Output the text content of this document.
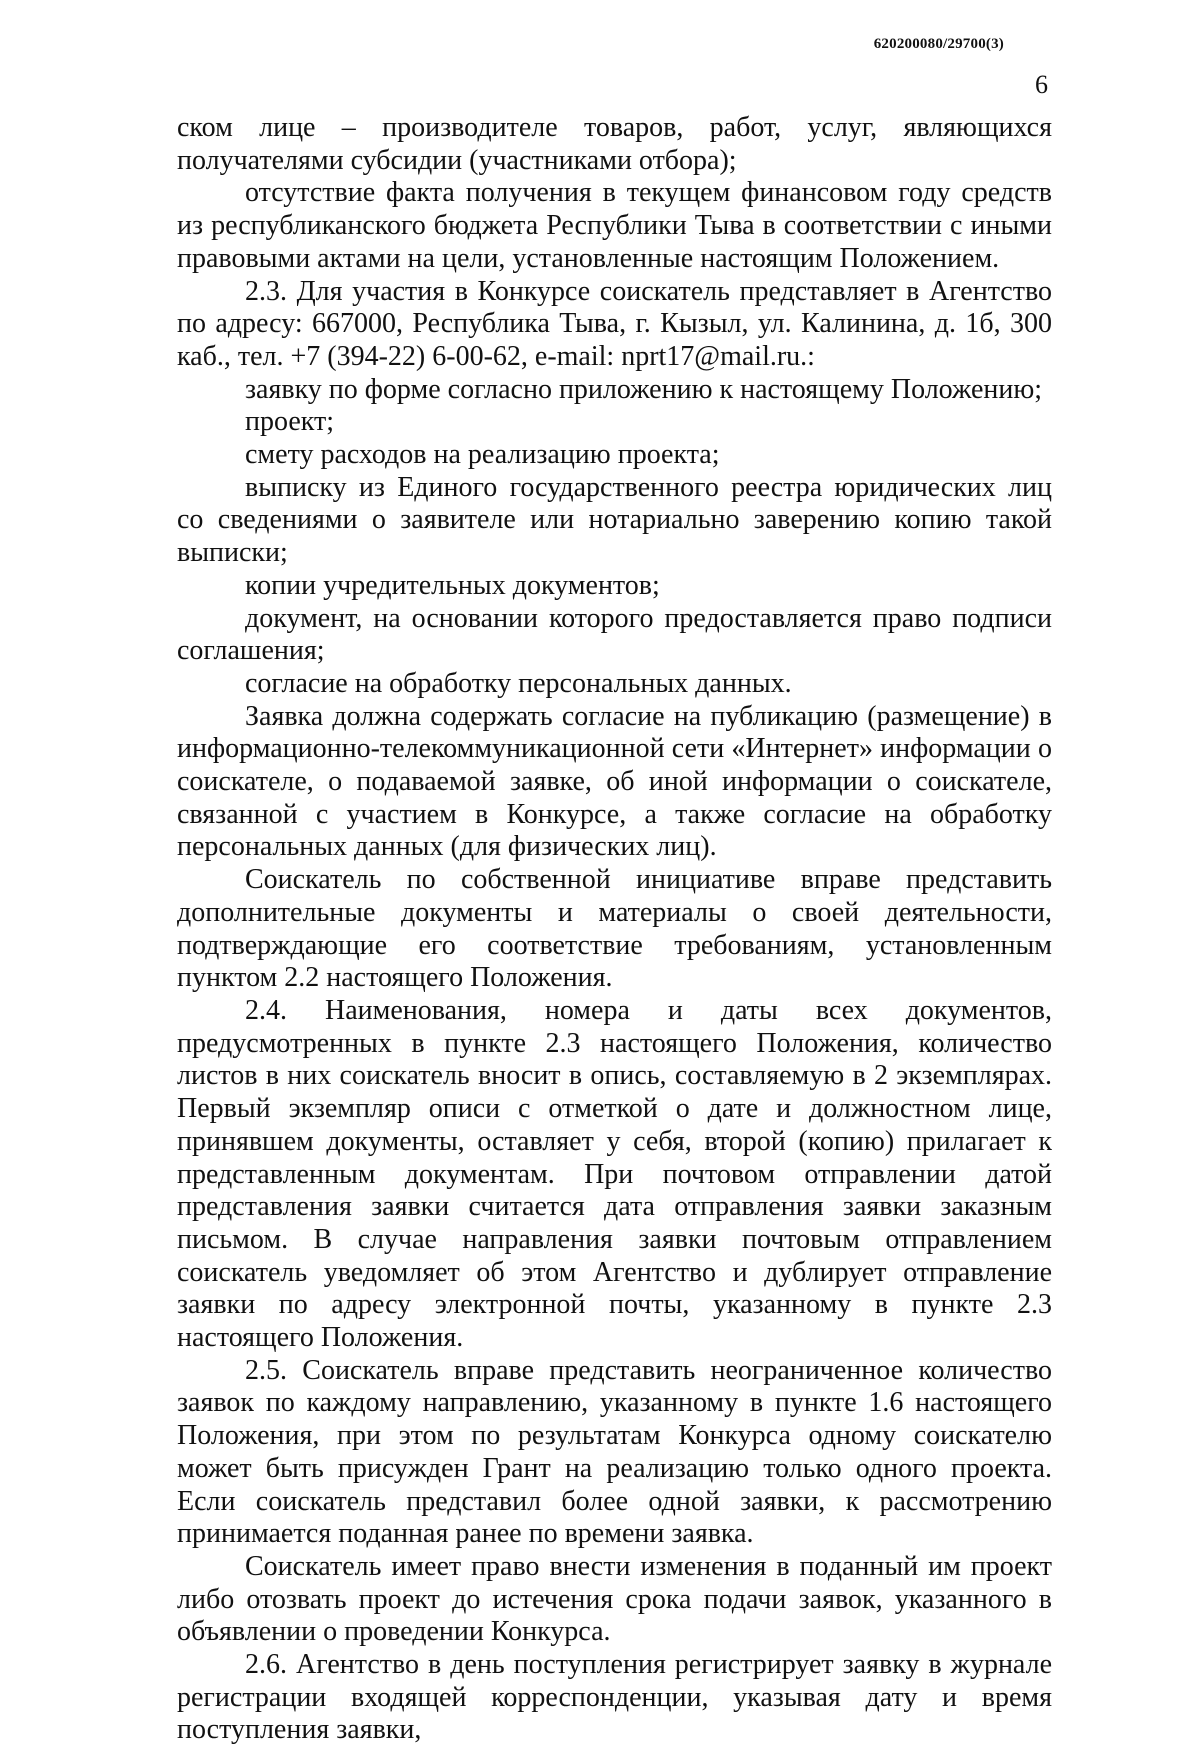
620200080/29700(3)
6

ском лице – производителе товаров, работ, услуг, являющихся получателями субсидии (участниками отбора);

отсутствие факта получения в текущем финансовом году средств из республиканского бюджета Республики Тыва в соответствии с иными правовыми актами на цели, установленные настоящим Положением.

2.3. Для участия в Конкурсе соискатель представляет в Агентство по адресу: 667000, Республика Тыва, г. Кызыл, ул. Калинина, д. 1б, 300 каб., тел. +7 (394-22) 6-00-62, e-mail: nprt17@mail.ru.:

заявку по форме согласно приложению к настоящему Положению;

проект;

смету расходов на реализацию проекта;

выписку из Единого государственного реестра юридических лиц со сведениями о заявителе или нотариально заверению копию такой выписки;

копии учредительных документов;

документ, на основании которого предоставляется право подписи соглашения;

согласие на обработку персональных данных.

Заявка должна содержать согласие на публикацию (размещение) в информационно-телекоммуникационной сети «Интернет» информации о соискателе, о подаваемой заявке, об иной информации о соискателе, связанной с участием в Конкурсе, а также согласие на обработку персональных данных (для физических лиц).

Соискатель по собственной инициативе вправе представить дополнительные документы и материалы о своей деятельности, подтверждающие его соответствие требованиям, установленным пунктом 2.2 настоящего Положения.

2.4. Наименования, номера и даты всех документов, предусмотренных в пункте 2.3 настоящего Положения, количество листов в них соискатель вносит в опись, составляемую в 2 экземплярах. Первый экземпляр описи с отметкой о дате и должностном лице, принявшем документы, оставляет у себя, второй (копию) прилагает к представленным документам. При почтовом отправлении датой представления заявки считается дата отправления заявки заказным письмом. В случае направления заявки почтовым отправлением соискатель уведомляет об этом Агентство и дублирует отправление заявки по адресу электронной почты, указанному в пункте 2.3 настоящего Положения.

2.5. Соискатель вправе представить неограниченное количество заявок по каждому направлению, указанному в пункте 1.6 настоящего Положения, при этом по результатам Конкурса одному соискателю может быть присужден Грант на реализацию только одного проекта. Если соискатель представил более одной заявки, к рассмотрению принимается поданная ранее по времени заявка.

Соискатель имеет право внести изменения в поданный им проект либо отозвать проект до истечения срока подачи заявок, указанного в объявлении о проведении Конкурса.

2.6. Агентство в день поступления регистрирует заявку в журнале регистрации входящей корреспонденции, указывая дату и время поступления заявки,
